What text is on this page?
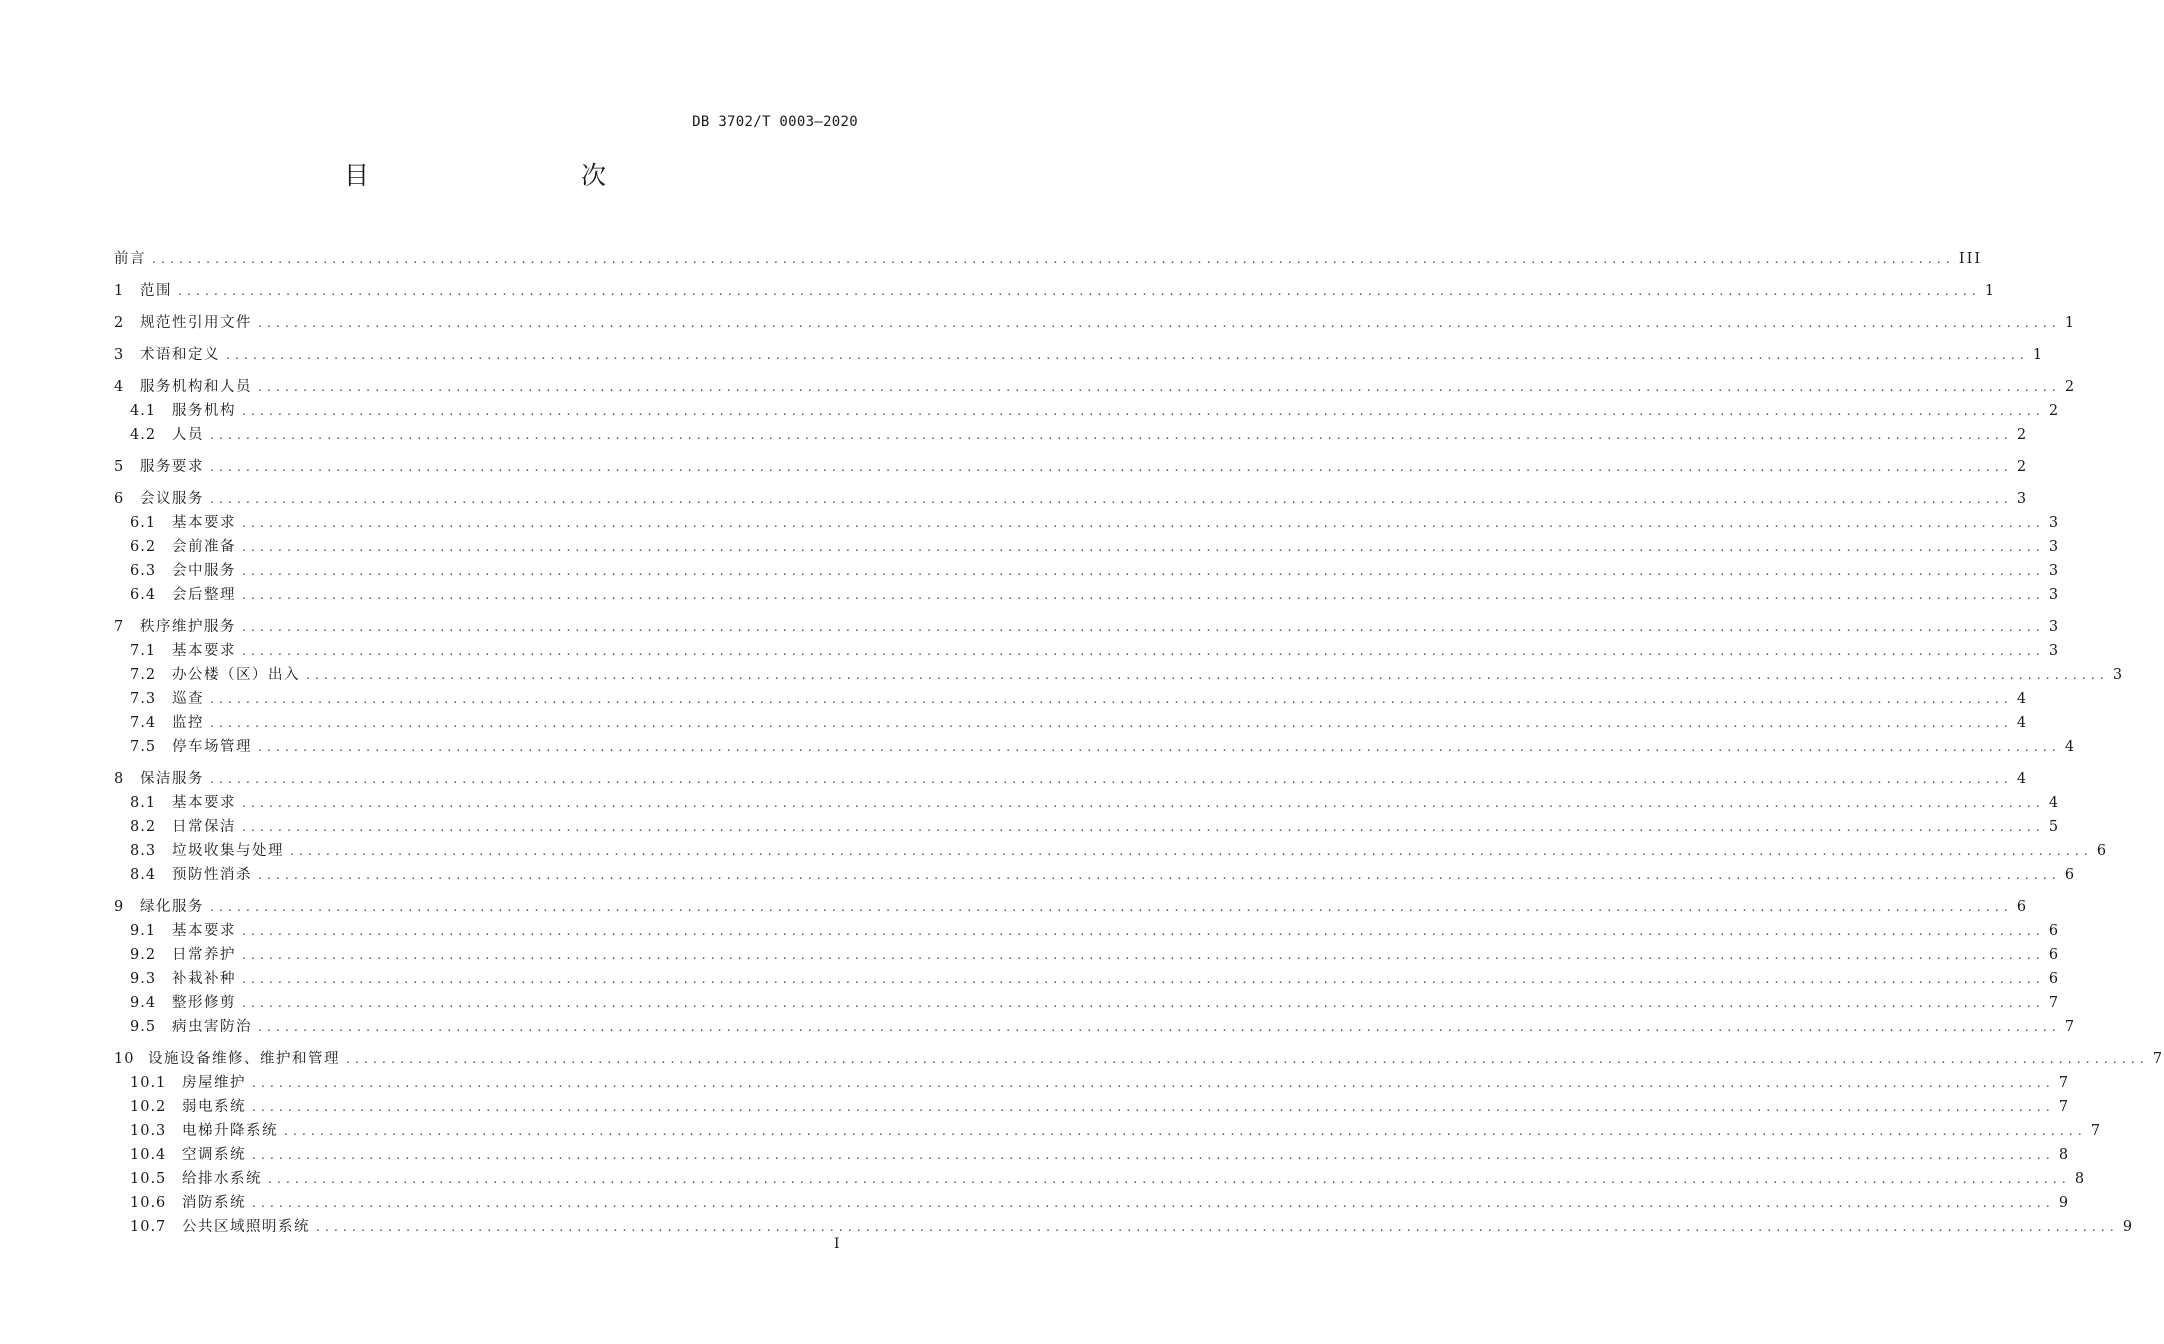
DB 3702/T 0003—2020
目　　次
前言 ........................................................................................................................................................................................................ III
1	范围 ........................................................................................................................................................................................................ 1
2	规范性引用文件 ........................................................................................................................................................................................................ 1
3	术语和定义 ........................................................................................................................................................................................................ 1
4	服务机构和人员 ........................................................................................................................................................................................................ 2
4.1	服务机构 ........................................................................................................................................................................................................ 2
4.2	人员 ........................................................................................................................................................................................................ 2
5	服务要求 ........................................................................................................................................................................................................ 2
6	会议服务 ........................................................................................................................................................................................................ 3
6.1	基本要求 ........................................................................................................................................................................................................ 3
6.2	会前准备 ........................................................................................................................................................................................................ 3
6.3	会中服务 ........................................................................................................................................................................................................ 3
6.4	会后整理 ........................................................................................................................................................................................................ 3
7	秩序维护服务 ........................................................................................................................................................................................................ 3
7.1	基本要求 ........................................................................................................................................................................................................ 3
7.2	办公楼（区）出入 ........................................................................................................................................................................................................ 3
7.3	巡查 ........................................................................................................................................................................................................ 4
7.4	监控 ........................................................................................................................................................................................................ 4
7.5	停车场管理 ........................................................................................................................................................................................................ 4
8	保洁服务 ........................................................................................................................................................................................................ 4
8.1	基本要求 ........................................................................................................................................................................................................ 4
8.2	日常保洁 ........................................................................................................................................................................................................ 5
8.3	垃圾收集与处理 ........................................................................................................................................................................................................ 6
8.4	预防性消杀 ........................................................................................................................................................................................................ 6
9	绿化服务 ........................................................................................................................................................................................................ 6
9.1	基本要求 ........................................................................................................................................................................................................ 6
9.2	日常养护 ........................................................................................................................................................................................................ 6
9.3	补栽补种 ........................................................................................................................................................................................................ 6
9.4	整形修剪 ........................................................................................................................................................................................................ 7
9.5	病虫害防治 ........................................................................................................................................................................................................ 7
10 设施设备维修、维护和管理 ........................................................................................................................................................................................................ 7
10.1	房屋维护 ........................................................................................................................................................................................................ 7
10.2	弱电系统 ........................................................................................................................................................................................................ 7
10.3	电梯升降系统 ........................................................................................................................................................................................................ 7
10.4	空调系统 ........................................................................................................................................................................................................ 8
10.5	给排水系统 ........................................................................................................................................................................................................ 8
10.6	消防系统 ........................................................................................................................................................................................................ 9
10.7	公共区域照明系统 ........................................................................................................................................................................................................ 9
I
